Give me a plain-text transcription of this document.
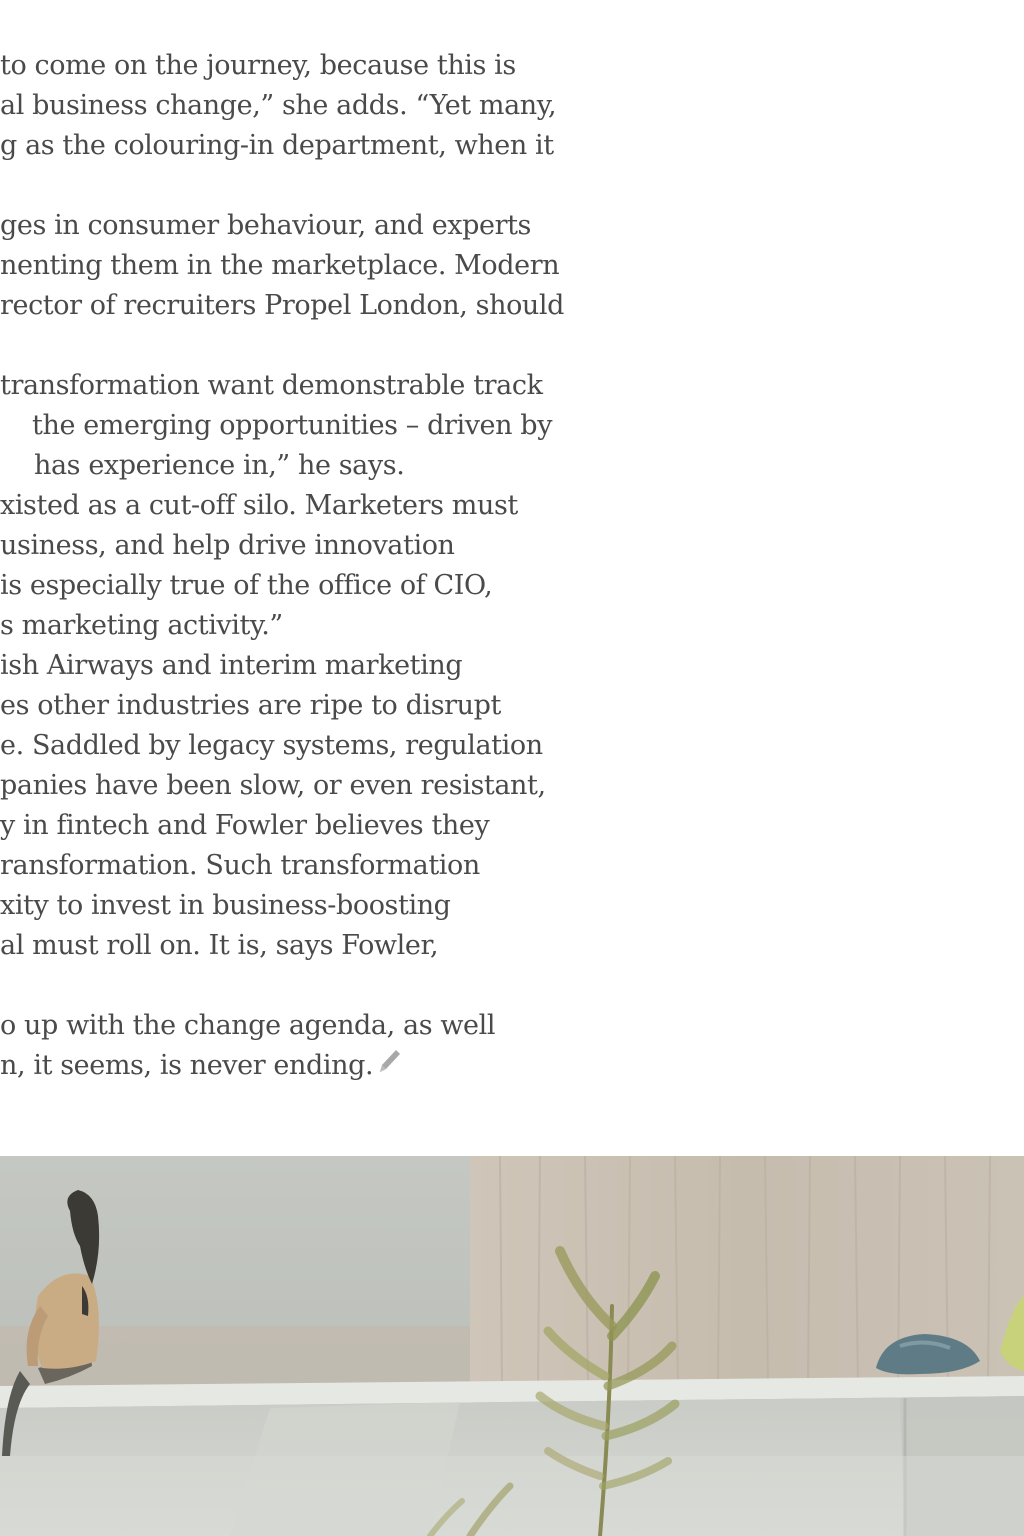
to come on the journey, because this is
al business change,” she adds. “Yet many,
g as the colouring-in department, when it
ges in consumer behaviour, and experts
nenting them in the marketplace. Modern
rector of recruiters Propel London, should
transformation want demonstrable track
the emerging opportunities – driven by
has experience in,” he says.
xisted as a cut-off silo. Marketers must
usiness, and help drive innovation
is especially true of the office of CIO,
s marketing activity.”
ish Airways and interim marketing
es other industries are ripe to disrupt
e. Saddled by legacy systems, regulation
panies have been slow, or even resistant,
y in fintech and Fowler believes they
ransformation. Such transformation
xity to invest in business-boosting
al must roll on. It is, says Fowler,
o up with the change agenda, as well
n, it seems, is never ending.
